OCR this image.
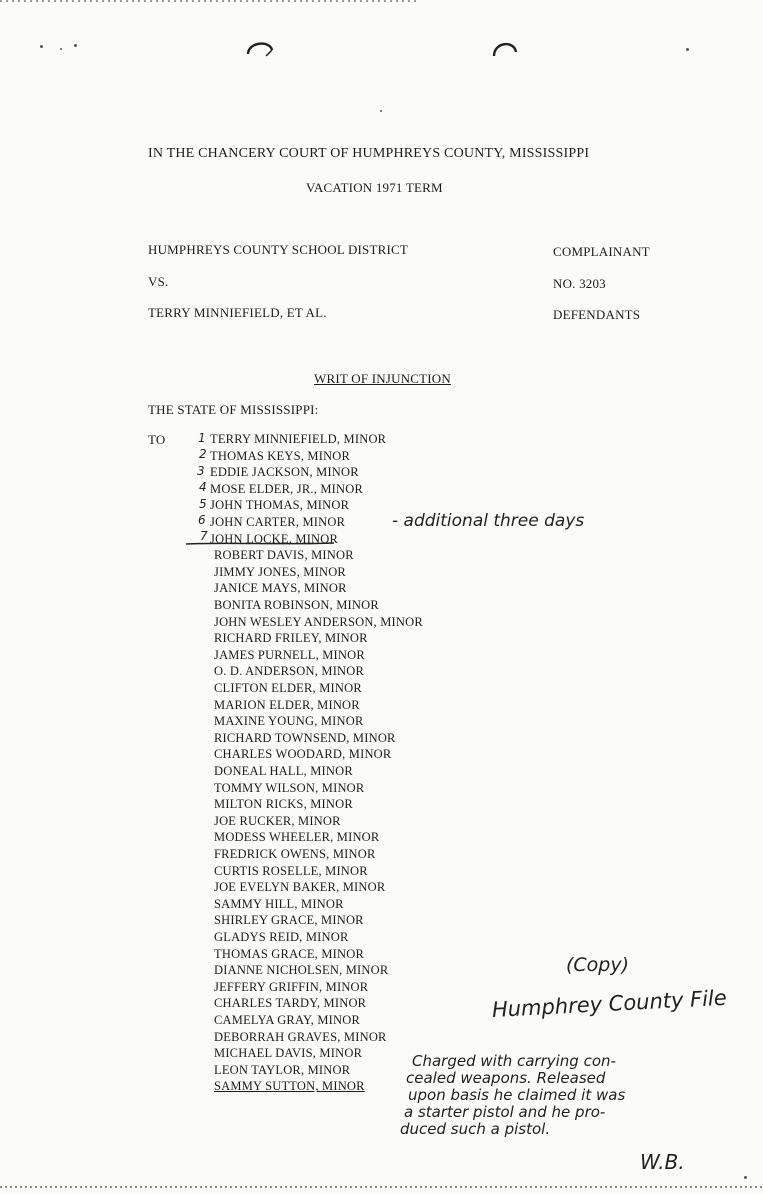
IN THE CHANCERY COURT OF HUMPHREYS COUNTY, MISSISSIPPI
VACATION 1971 TERM
HUMPHREYS COUNTY SCHOOL DISTRICT	COMPLAINANT
VS.	NO. 3203
TERRY MINNIEFIELD, ET AL.	DEFENDANTS
WRIT OF INJUNCTION
THE STATE OF MISSISSIPPI:
TO	1
2
3
4
5
6
7
TERRY MINNIEFIELD, MINOR
THOMAS KEYS, MINOR
EDDIE JACKSON, MINOR
MOSE ELDER, JR., MINOR
JOHN THOMAS, MINOR
JOHN CARTER, MINOR
JOHN LOCKE, MINOR
ROBERT DAVIS, MINOR
JIMMY JONES, MINOR
JANICE MAYS, MINOR
BONITA ROBINSON, MINOR
JOHN WESLEY ANDERSON, MINOR
RICHARD FRILEY, MINOR
JAMES PURNELL, MINOR
O. D. ANDERSON, MINOR
CLIFTON ELDER, MINOR
MARION ELDER, MINOR
MAXINE YOUNG, MINOR
RICHARD TOWNSEND, MINOR
CHARLES WOODARD, MINOR
DONEAL HALL, MINOR
TOMMY WILSON, MINOR
MILTON RICKS, MINOR
JOE RUCKER, MINOR
MODESS WHEELER, MINOR
FREDRICK OWENS, MINOR
CURTIS ROSELLE, MINOR
JOE EVELYN BAKER, MINOR
SAMMY HILL, MINOR
SHIRLEY GRACE, MINOR
GLADYS REID, MINOR
THOMAS GRACE, MINOR
DIANNE NICHOLSEN, MINOR
JEFFERY GRIFFIN, MINOR
CHARLES TARDY, MINOR
CAMELYA GRAY, MINOR
DEBORRAH GRAVES, MINOR
MICHAEL DAVIS, MINOR
LEON TAYLOR, MINOR
SAMMY SUTTON, MINOR
- additional three days
(Copy)
Humphrey County File
Charged with carrying con-
cealed weapons. Released
upon basis he claimed it was
a starter pistol and he pro-
duced such a pistol.
W.B.
